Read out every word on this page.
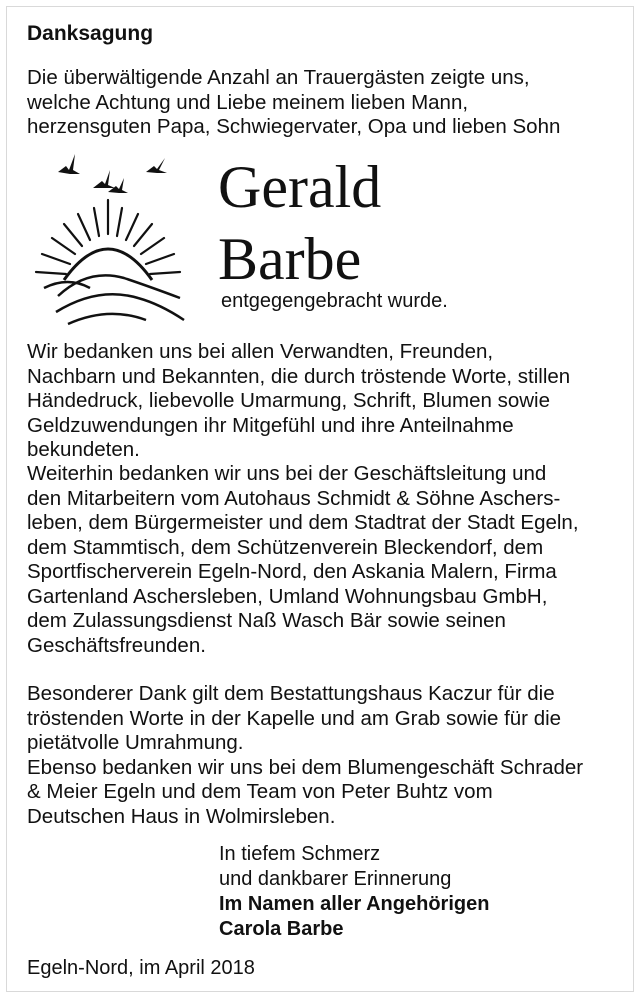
Danksagung

Die überwältigende Anzahl an Trauergästen zeigte uns,
welche Achtung und Liebe meinem lieben Mann,
herzensguten Papa, Schwiegervater, Opa und lieben Sohn

Gerald
Barbe
entgegengebracht wurde.

Wir bedanken uns bei allen Verwandten, Freunden,
Nachbarn und Bekannten, die durch tröstende Worte, stillen
Händedruck, liebevolle Umarmung, Schrift, Blumen sowie
Geldzuwendungen ihr Mitgefühl und ihre Anteilnahme
bekundeten.

Weiterhin bedanken wir uns bei der Geschäftsleitung und
den Mitarbeitern vom Autohaus Schmidt & Söhne Aschers-
leben, dem Bürgermeister und dem Stadtrat der Stadt Egeln,
dem Stammtisch, dem Schützenverein Bleckendorf, dem
Sportfischerverein Egeln-Nord, den Askania Malern, Firma
Gartenland Aschersleben, Umland Wohnungsbau GmbH,
dem Zulassungsdienst Naß Wasch Bär sowie seinen
Geschäftsfreunden.

Besonderer Dank gilt dem Bestattungshaus Kaczur für die
tröstenden Worte in der Kapelle und am Grab sowie für die
pietätvolle Umrahmung.
Ebenso bedanken wir uns bei dem Blumengeschäft Schrader
& Meier Egeln und dem Team von Peter Buhtz vom
Deutschen Haus in Wolmirsleben.

In tiefem Schmerz
und dankbarer Erinnerung
Im Namen aller Angehörigen
Carola Barbe
Egeln-Nord, im April 2018
